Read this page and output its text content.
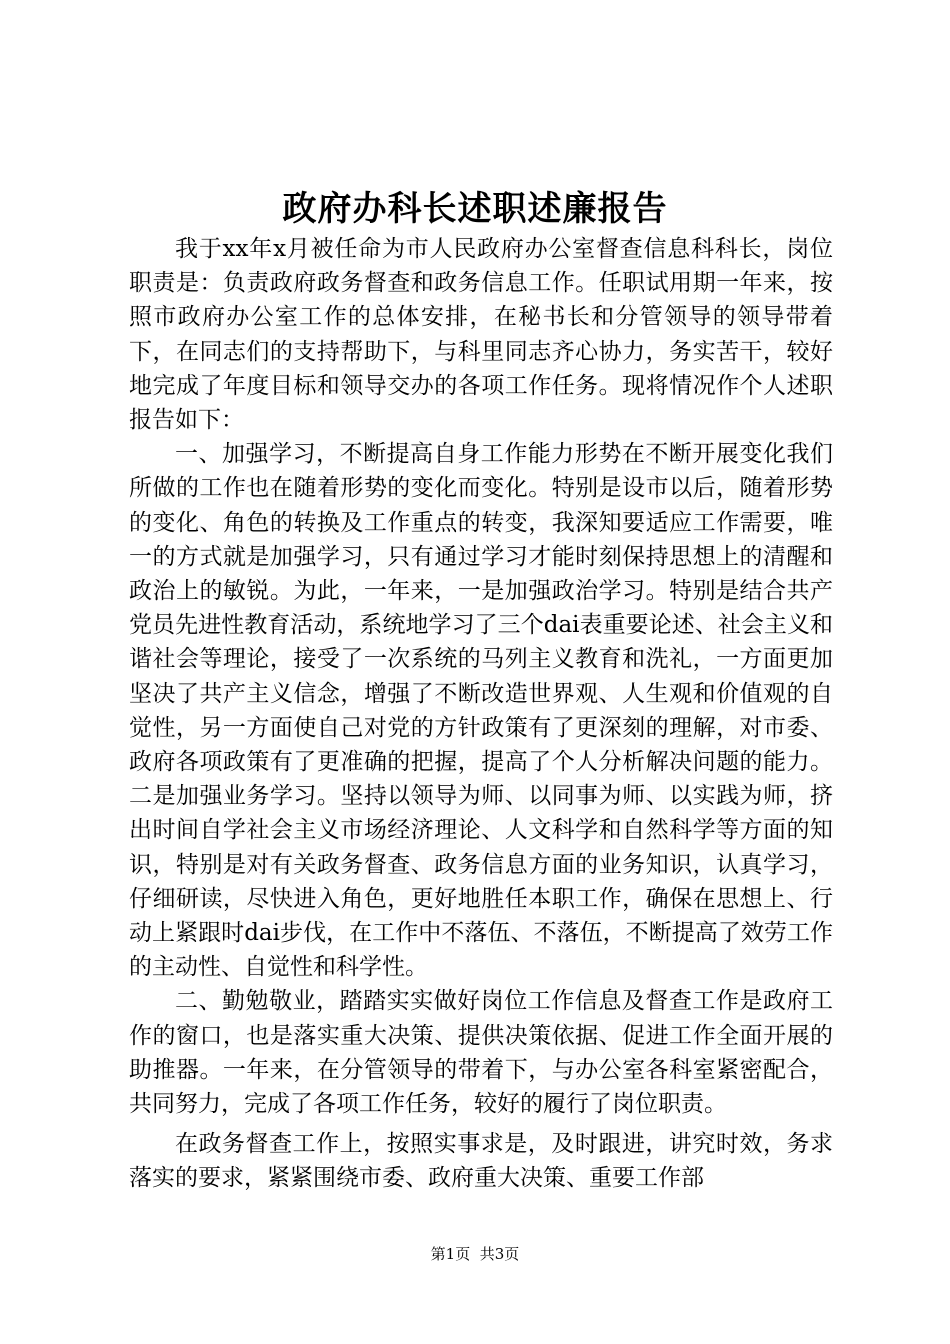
政府办科长述职述廉报告

我于xx年x月被任命为市人民政府办公室督查信息科科长，岗位职责是：负责政府政务督查和政务信息工作。任职试用期一年来，按照市政府办公室工作的总体安排，在秘书长和分管领导的领导带着下，在同志们的支持帮助下，与科里同志齐心协力，务实苦干，较好地完成了年度目标和领导交办的各项工作任务。现将情况作个人述职报告如下：

一、加强学习，不断提高自身工作能力形势在不断开展变化我们所做的工作也在随着形势的变化而变化。特别是设市以后，随着形势的变化、角色的转换及工作重点的转变，我深知要适应工作需要，唯一的方式就是加强学习，只有通过学习才能时刻保持思想上的清醒和政治上的敏锐。为此，一年来，一是加强政治学习。特别是结合共产党员先进性教育活动，系统地学习了三个dai表重要论述、社会主义和谐社会等理论，接受了一次系统的马列主义教育和洗礼，一方面更加坚决了共产主义信念，增强了不断改造世界观、人生观和价值观的自觉性，另一方面使自己对党的方针政策有了更深刻的理解，对市委、政府各项政策有了更准确的把握，提高了个人分析解决问题的能力。二是加强业务学习。坚持以领导为师、以同事为师、以实践为师，挤出时间自学社会主义市场经济理论、人文科学和自然科学等方面的知识，特别是对有关政务督查、政务信息方面的业务知识，认真学习，仔细研读，尽快进入角色，更好地胜任本职工作，确保在思想上、行动上紧跟时dai步伐，在工作中不落伍、不落伍，不断提高了效劳工作的主动性、自觉性和科学性。

二、勤勉敬业，踏踏实实做好岗位工作信息及督查工作是政府工作的窗口，也是落实重大决策、提供决策依据、促进工作全面开展的助推器。一年来，在分管领导的带着下，与办公室各科室紧密配合，共同努力，完成了各项工作任务，较好的履行了岗位职责。

在政务督查工作上，按照实事求是，及时跟进，讲究时效，务求落实的要求，紧紧围绕市委、政府重大决策、重要工作部

第1页 共3页
